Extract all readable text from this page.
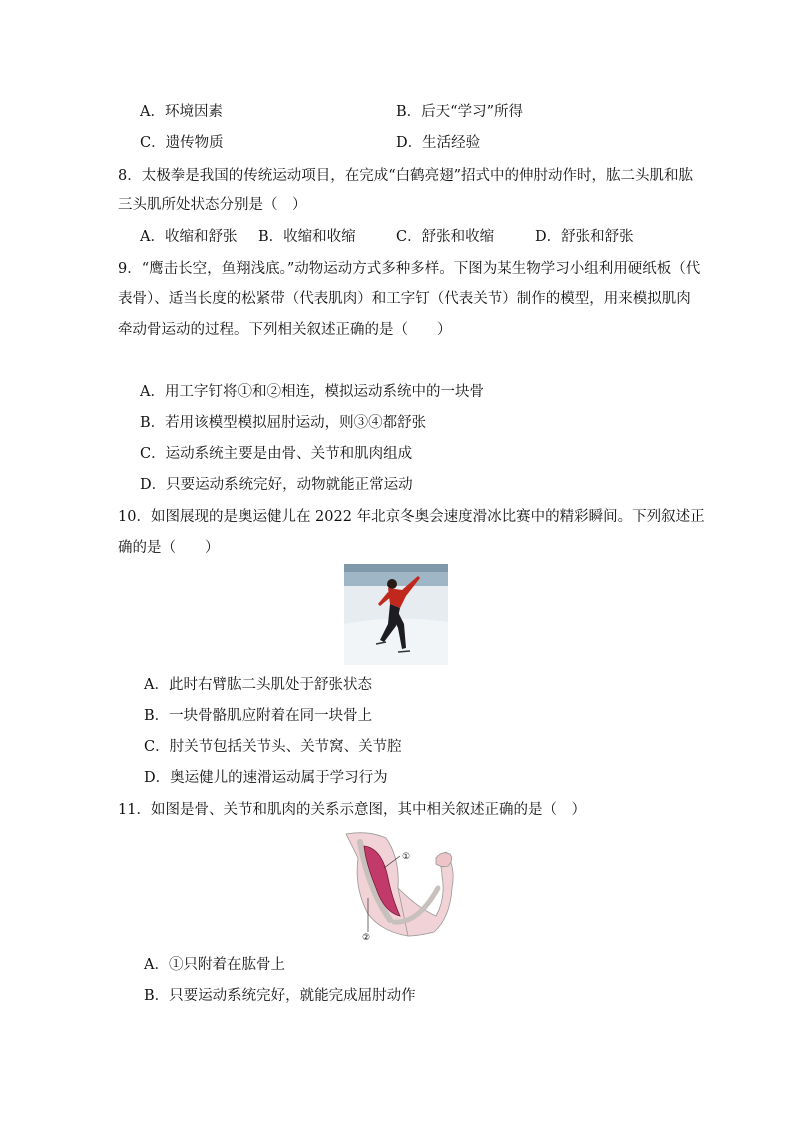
A．环境因素	B．后天“学习”所得
C．遗传物质	D．生活经验
8．太极拳是我国的传统运动项目，在完成“白鹤亮翅”招式中的伸肘动作时，肱二头肌和肱
三头肌所处状态分别是（　）
A．收缩和舒张 B．收缩和收缩	C．舒张和收缩	D．舒张和舒张
9．“鹰击长空，鱼翔浅底。”动物运动方式多种多样。下图为某生物学习小组利用硬纸板（代
表骨）、适当长度的松紧带（代表肌肉）和工字钉（代表关节）制作的模型，用来模拟肌肉
牵动骨运动的过程。下列相关叙述正确的是（　　）
A．用工字钉将①和②相连，模拟运动系统中的一块骨
B．若用该模型模拟屈肘运动，则③④都舒张
C．运动系统主要是由骨、关节和肌肉组成
D．只要运动系统完好，动物就能正常运动
10．如图展现的是奥运健儿在 2022 年北京冬奥会速度滑冰比赛中的精彩瞬间。下列叙述正
确的是（　　）
A．此时右臂肱二头肌处于舒张状态
B．一块骨骼肌应附着在同一块骨上
C．肘关节包括关节头、关节窝、关节腔
D．奥运健儿的速滑运动属于学习行为
11．如图是骨、关节和肌肉的关系示意图，其中相关叙述正确的是（　）
①
②
A．①只附着在肱骨上
B．只要运动系统完好，就能完成屈肘动作
